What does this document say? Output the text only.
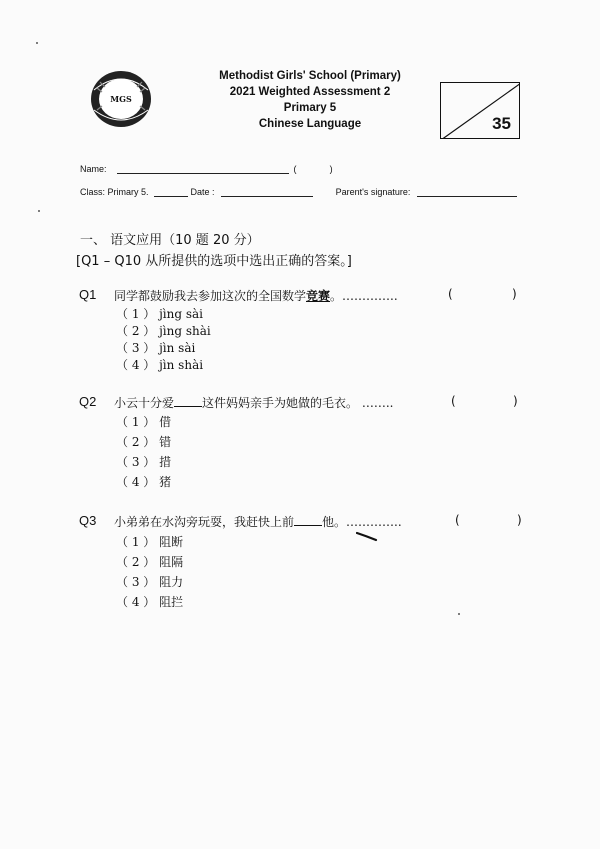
MGS
Methodist Girls' School (Primary)
2021 Weighted Assessment 2
Primary 5
Chinese Language	35
Name:	(	)
Class: Primary 5.	Date :	Parent's signature:
一、 语文应用（10 题 20 分）
[Q1 – Q10 从所提供的选项中选出正确的答案。]
Q1 同学都鼓励我去参加这次的全国数学竞赛。…………..	(	)
（ 1 ） jìng sài
（ 2 ） jìng shài
（ 3 ） jìn sài
（ 4 ） jìn shài
Q2 小云十分爱 这件妈妈亲手为她做的毛衣。 ……..	(	)
（ 1 ） 借
（ 2 ） 错
（ 3 ） 措
（ 4 ） 猪
Q3 小弟弟在水沟旁玩耍，我赶快上前 他。…………..	(	)
（ 1 ） 阻断
（ 2 ） 阻隔
（ 3 ） 阻力
（ 4 ） 阻拦
